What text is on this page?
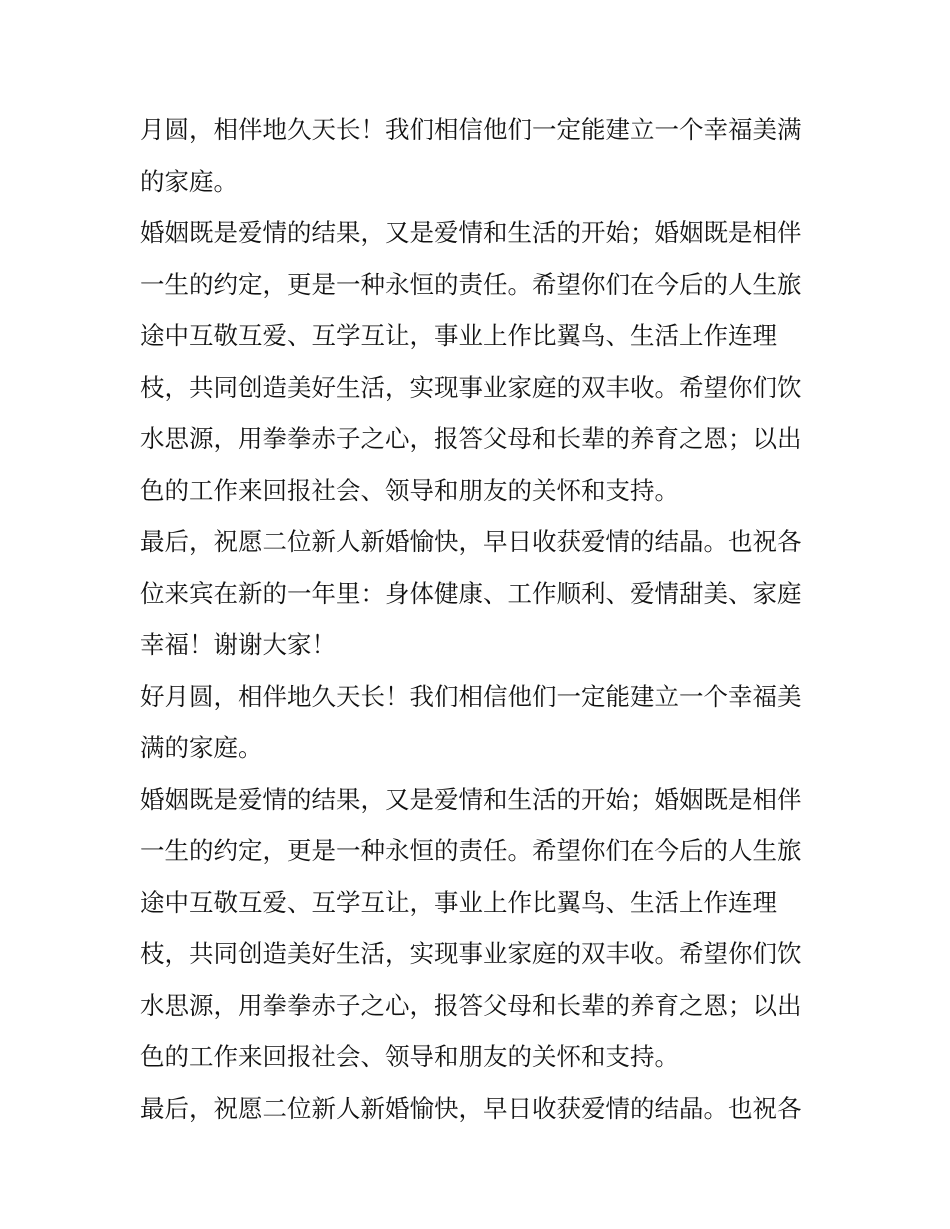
月圆，相伴地久天长！我们相信他们一定能建立一个幸福美满
的家庭。
婚姻既是爱情的结果，又是爱情和生活的开始；婚姻既是相伴
一生的约定，更是一种永恒的责任。希望你们在今后的人生旅
途中互敬互爱、互学互让，事业上作比翼鸟、生活上作连理
枝，共同创造美好生活，实现事业家庭的双丰收。希望你们饮
水思源，用拳拳赤子之心，报答父母和长辈的养育之恩；以出
色的工作来回报社会、领导和朋友的关怀和支持。
最后，祝愿二位新人新婚愉快，早日收获爱情的结晶。也祝各
位来宾在新的一年里：身体健康、工作顺利、爱情甜美、家庭
幸福！谢谢大家！
好月圆，相伴地久天长！我们相信他们一定能建立一个幸福美
满的家庭。
婚姻既是爱情的结果，又是爱情和生活的开始；婚姻既是相伴
一生的约定，更是一种永恒的责任。希望你们在今后的人生旅
途中互敬互爱、互学互让，事业上作比翼鸟、生活上作连理
枝，共同创造美好生活，实现事业家庭的双丰收。希望你们饮
水思源，用拳拳赤子之心，报答父母和长辈的养育之恩；以出
色的工作来回报社会、领导和朋友的关怀和支持。
最后，祝愿二位新人新婚愉快，早日收获爱情的结晶。也祝各
